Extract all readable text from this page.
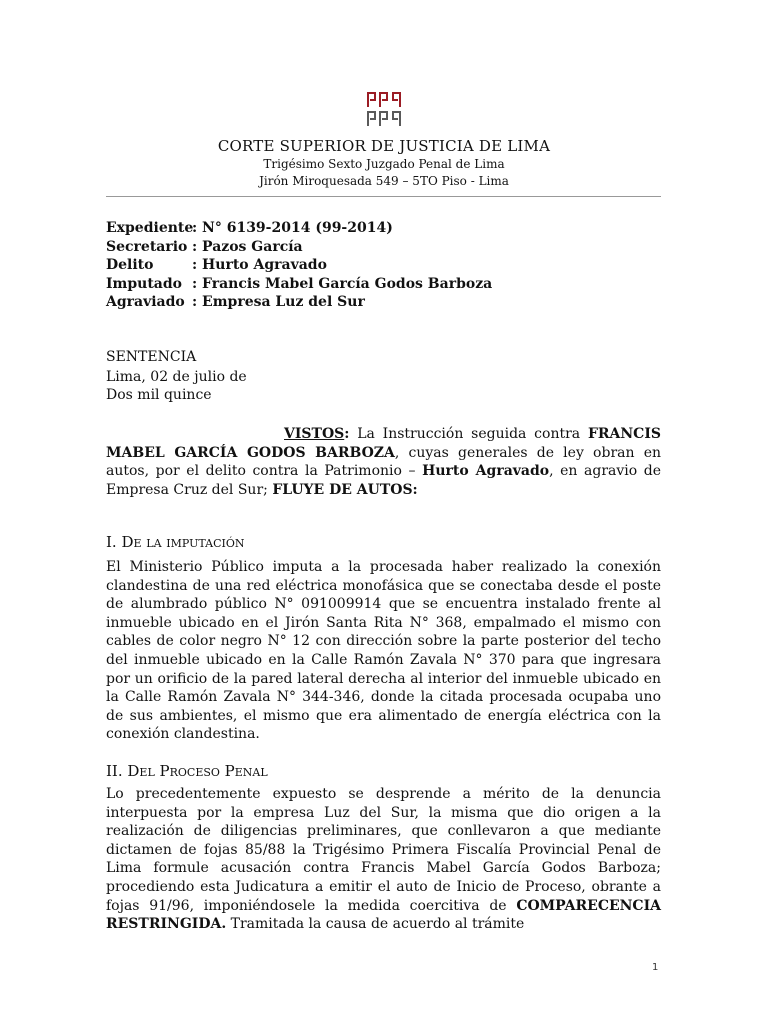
CORTE SUPERIOR DE JUSTICIA DE LIMA
Trigésimo Sexto Juzgado Penal de Lima
Jirón Miroquesada 549 – 5TO Piso - Lima
Expediente: N° 6139-2014 (99-2014)
Secretario : Pazos García
Delito	: Hurto Agravado
Imputado : Francis Mabel García Godos Barboza
Agraviado : Empresa Luz del Sur
SENTENCIA
Lima, 02 de julio de
Dos mil quince

VISTOS: La Instrucción seguida contra FRANCIS MABEL GARCÍA GODOS BARBOZA, cuyas generales de ley obran en autos, por el delito contra la Patrimonio – Hurto Agravado, en agravio de Empresa Cruz del Sur; FLUYE DE AUTOS:

I. De la imputación

El Ministerio Público imputa a la procesada haber realizado la conexión clandestina de una red eléctrica monofásica que se conectaba desde el poste de alumbrado público N° 091009914 que se encuentra instalado frente al inmueble ubicado en el Jirón Santa Rita N° 368, empalmado el mismo con cables de color negro N° 12 con dirección sobre la parte posterior del techo del inmueble ubicado en la Calle Ramón Zavala N° 370 para que ingresara por un orificio de la pared lateral derecha al interior del inmueble ubicado en la Calle Ramón Zavala N° 344-346, donde la citada procesada ocupaba uno de sus ambientes, el mismo que era alimentado de energía eléctrica con la conexión clandestina.

II. Del Proceso Penal

Lo precedentemente expuesto se desprende a mérito de la denuncia interpuesta por la empresa Luz del Sur, la misma que dio origen a la realización de diligencias preliminares, que conllevaron a que mediante dictamen de fojas 85/88 la Trigésimo Primera Fiscalía Provincial Penal de Lima formule acusación contra Francis Mabel García Godos Barboza; procediendo esta Judicatura a emitir el auto de Inicio de Proceso, obrante a fojas 91/96, imponiéndosele la medida coercitiva de COMPARECENCIA RESTRINGIDA. Tramitada la causa de acuerdo al trámite

1
